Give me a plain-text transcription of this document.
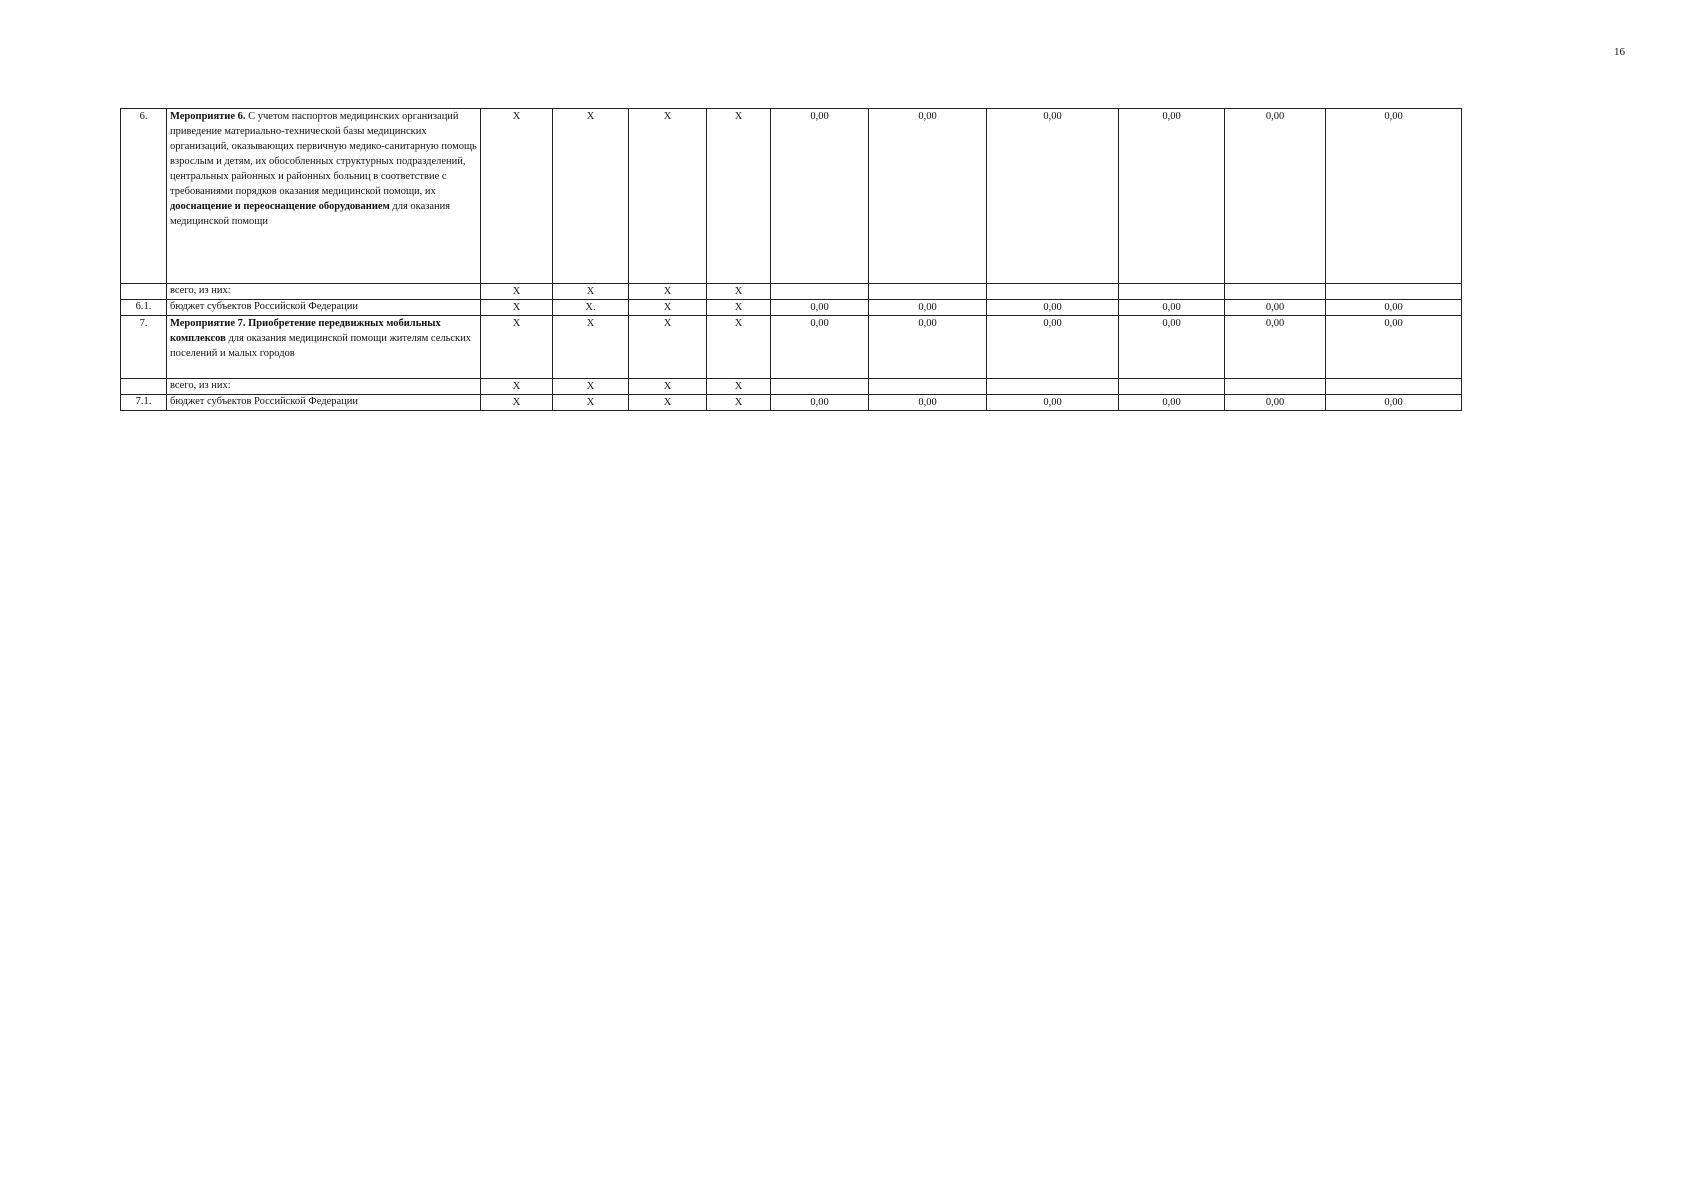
16
6.	Мероприятие 6. С учетом паспортов медицинских организаций приведение материально-технической базы медицинских организаций, оказывающих первичную медико-санитарную помощь взрослым и детям, их обособленных структурных подразделений, центральных районных и районных больниц в соответствие с требованиями порядков оказания медицинской помощи, их дооснащение и переоснащение оборудованием для оказания медицинской помощи	X	X	X	X	0,00	0,00	0,00	0,00	0,00	0,00
	всего, из них:	X	X	X	X						
6.1.	бюджет субъектов Российской Федерации	X	X.	X	X	0,00	0,00	0,00	0,00	0,00	0,00
7.	Мероприятие 7. Приобретение передвижных мобильных комплексов для оказания медицинской помощи жителям сельских поселений и малых городов	X	X	X	X	0,00	0,00	0,00	0,00	0,00	0,00
	всего, из них:	X	X	X	X						
7.1.	бюджет субъектов Российской Федерации	X	X	X	X	0,00	0,00	0,00	0,00	0,00	0,00
